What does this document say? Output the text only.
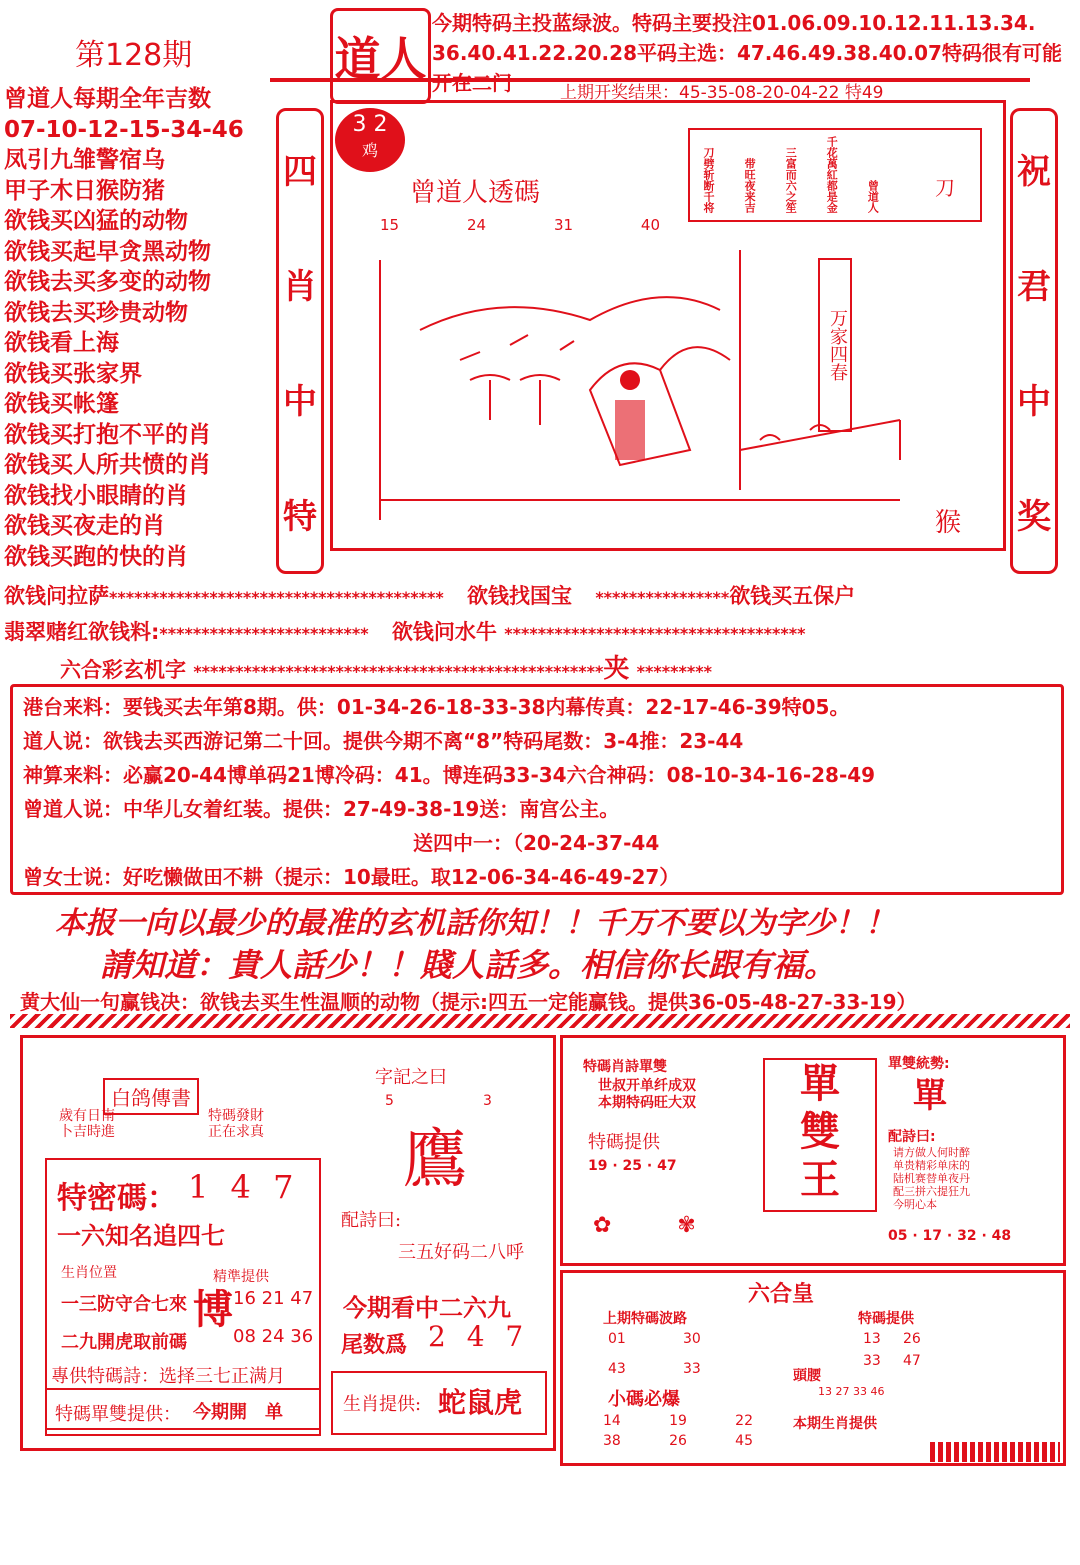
第128期	道人
今期特码主投蓝绿波。特码主要投注01.06.09.10.12.11.13.34.
36.40.41.22.20.28平码主选：47.46.49.38.40.07特码很有可能
开在二门	上期开奖结果：45-35-08-20-04-22 特49
曾道人每期全年吉数
07-10-12-15-34-46
凤引九雏警宿乌
甲子木日猴防猪
欲钱买凶猛的动物
欲钱买起早贪黑动物
欲钱去买多变的动物
欲钱去买珍贵动物
欲钱看上海
欲钱买张家界
欲钱买帐篷
欲钱买打抱不平的肖
欲钱买人所共愤的肖
欲钱找小眼睛的肖
欲钱买夜走的肖
欲钱买跑的快的肖
四
肖
中
特
祝
君
中
奖
3 2
鸡
曾道人透碼
15	24	31	40
刀劈斩断千将	带旺夜来吉	三富而六之笙	千花萬紅都是金	曾道人	刀
万家四春
猴
欲钱问拉萨**************************************** 欲钱找国宝 ****************欲钱买五保户
翡翠赌红欲钱料:************************* 欲钱问水牛 ************************************
六合彩玄机字 *************************************************夹 *********
港台来料：要钱买去年第8期。供：01-34-26-18-33-38内幕传真：22-17-46-39特05。
道人说：欲钱去买西游记第二十回。提供今期不离“8”特码尾数：3-4推：23-44
神算来料：必赢20-44博单码21博冷码：41。博连码33-34六合神码：08-10-34-16-28-49
曾道人说：中华儿女着红装。提供：27-49-38-19送：南宫公主。
送四中一：（20-24-37-44
曾女士说：好吃懒做田不耕（提示：10最旺。取12-06-34-46-49-27）
本报一向以最少的最准的玄机話你知！！千万不要以为字少！！
請知道：貴人話少！！賤人話多。相信你长跟有福。
黄大仙一句赢钱决：欲钱去买生性温顺的动物（提示:四五一定能赢钱。提供36-05-48-27-33-19）
白鸽傳書
歲有日南
卜吉時進
特碼發財
正在求真
特密碼： 1 4 7
一六知名追四七
生肖位置
一三防守合七來
二九開虎取前碼
博
精準提供
16 21 47
08 24 36
專供特碼詩：选择三七正满月
特碼單雙提供： 今期開　单
字記之曰
5	3
鷹
配詩曰:
三五好码二八呼
今期看中二六九
尾数爲 2 4 7
生肖提供: 蛇鼠虎
特碼肖詩單雙
世叔开单纤成双
本期特码旺大双
特碼提供
19 · 25 · 47
單
雙
王
單雙統勢:
單
配詩曰:
请方做人何时醉
单贵精彩单床的
陆机赛替单夜丹
配三拼六提狂九
今明心本
05 · 17 · 32 · 48
✿　　　✾
六合皇
上期特碼波路
01	30
43	33
小碼必爆
14	19	22
38	26	45
特碼提供
13 26
33 47
頭腰
13 27 33 46
本期生肖提供
